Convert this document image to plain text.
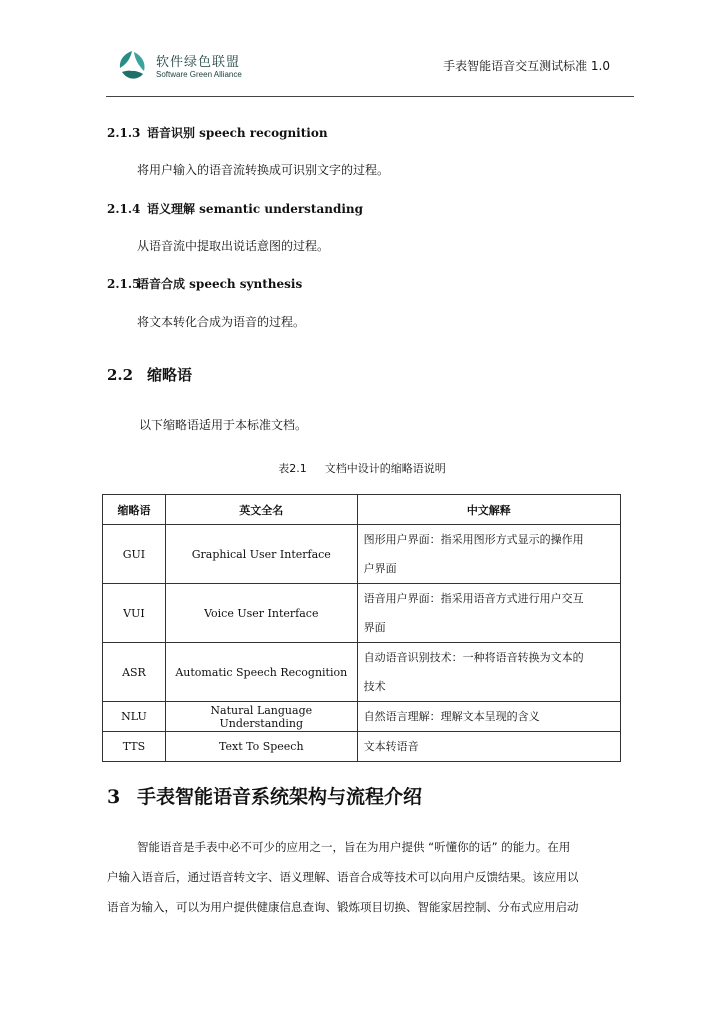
软件绿色联盟
Software Green Alliance
手表智能语音交互测试标准 1.0
2.1.3 语音识别 speech recognition
将用户输入的语音流转换成可识别文字的过程。
2.1.4 语义理解 semantic understanding
从语音流中提取出说话意图的过程。
2.1.5语音合成 speech synthesis
将文本转化合成为语音的过程。
2.2 缩略语
以下缩略语适用于本标准文档。
表2.1 文档中设计的缩略语说明
缩略语	英文全名	中文解释
GUI	Graphical User Interface	图形用户界面：指采用图形方式显示的操作用
户界面
VUI	Voice User Interface	语音用户界面：指采用语音方式进行用户交互
界面
ASR	Automatic Speech Recognition	自动语音识别技术：一种将语音转换为文本的
技术
NLU	Natural Language Understanding	自然语言理解：理解文本呈现的含义
TTS	Text To Speech	文本转语音
3 手表智能语音系统架构与流程介绍
智能语音是手表中必不可少的应用之一，旨在为用户提供 “听懂你的话” 的能力。在用
户输入语音后，通过语音转文字、语义理解、语音合成等技术可以向用户反馈结果。该应用以
语音为输入，可以为用户提供健康信息查询、锻炼项目切换、智能家居控制、分布式应用启动
